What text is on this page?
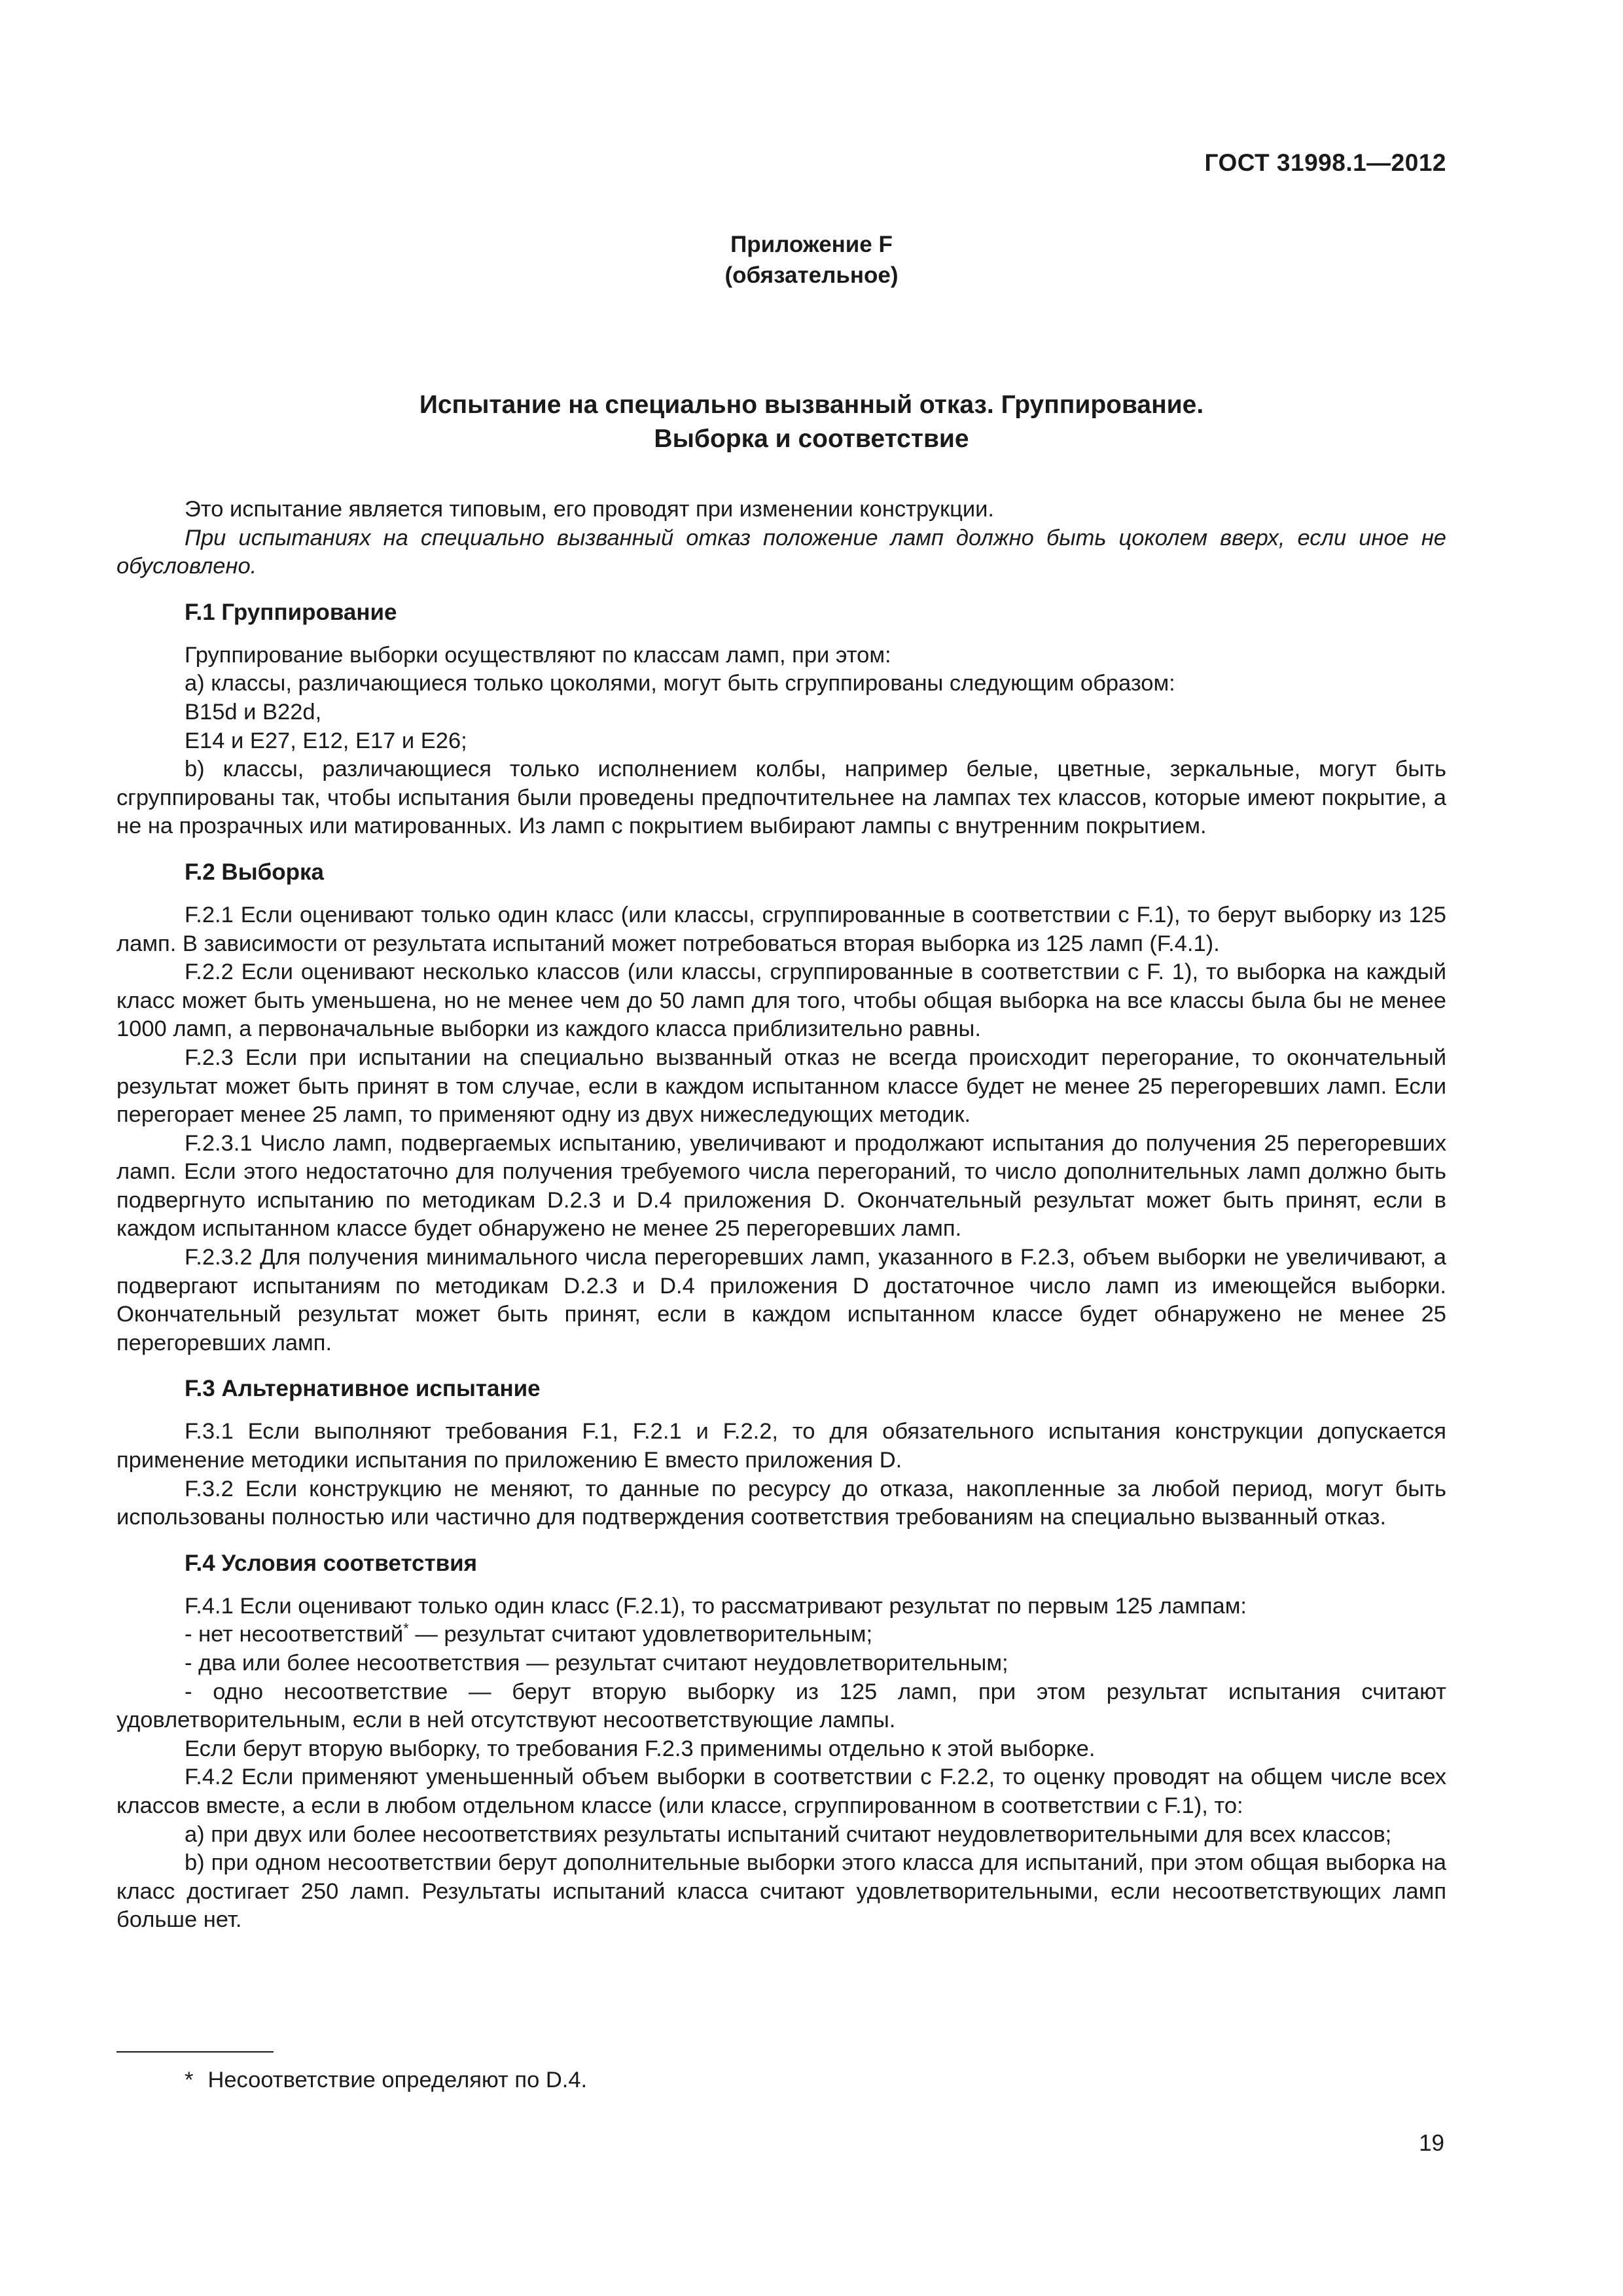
ГОСТ 31998.1—2012
Приложение F
(обязательное)
Испытание на специально вызванный отказ. Группирование.
Выборка и соответствие

Это испытание является типовым, его проводят при изменении конструкции.

При испытаниях на специально вызванный отказ положение ламп должно быть цоколем вверх, если иное не обусловлено.

F.1 Группирование

Группирование выборки осуществляют по классам ламп, при этом:

а) классы, различающиеся только цоколями, могут быть сгруппированы следующим образом:

B15d и B22d,

E14 и E27, E12, E17 и E26;

b) классы, различающиеся только исполнением колбы, например белые, цветные, зеркальные, могут быть сгруппированы так, чтобы испытания были проведены предпочтительнее на лампах тех классов, которые имеют покрытие, а не на прозрачных или матированных. Из ламп с покрытием выбирают лампы с внутренним покрытием.

F.2 Выборка

F.2.1 Если оценивают только один класс (или классы, сгруппированные в соответствии с F.1), то берут выборку из 125 ламп. В зависимости от результата испытаний может потребоваться вторая выборка из 125 ламп (F.4.1).

F.2.2 Если оценивают несколько классов (или классы, сгруппированные в соответствии с F. 1), то выборка на каждый класс может быть уменьшена, но не менее чем до 50 ламп для того, чтобы общая выборка на все классы была бы не менее 1000 ламп, а первоначальные выборки из каждого класса приблизительно равны.

F.2.3 Если при испытании на специально вызванный отказ не всегда происходит перегорание, то окончательный результат может быть принят в том случае, если в каждом испытанном классе будет не менее 25 перегоревших ламп. Если перегорает менее 25 ламп, то применяют одну из двух нижеследующих методик.

F.2.3.1 Число ламп, подвергаемых испытанию, увеличивают и продолжают испытания до получения 25 перегоревших ламп. Если этого недостаточно для получения требуемого числа перегораний, то число дополнительных ламп должно быть подвергнуто испытанию по методикам D.2.3 и D.4 приложения D. Окончательный результат может быть принят, если в каждом испытанном классе будет обнаружено не менее 25 перегоревших ламп.

F.2.3.2 Для получения минимального числа перегоревших ламп, указанного в F.2.3, объем выборки не увеличивают, а подвергают испытаниям по методикам D.2.3 и D.4 приложения D достаточное число ламп из имеющейся выборки. Окончательный результат может быть принят, если в каждом испытанном классе будет обнаружено не менее 25 перегоревших ламп.

F.3 Альтернативное испытание

F.3.1 Если выполняют требования F.1, F.2.1 и F.2.2, то для обязательного испытания конструкции допускается применение методики испытания по приложению E вместо приложения D.

F.3.2 Если конструкцию не меняют, то данные по ресурсу до отказа, накопленные за любой период, могут быть использованы полностью или частично для подтверждения соответствия требованиям на специально вызванный отказ.

F.4 Условия соответствия

F.4.1 Если оценивают только один класс (F.2.1), то рассматривают результат по первым 125 лампам:

- нет несоответствий* — результат считают удовлетворительным;

- два или более несоответствия — результат считают неудовлетворительным;

- одно несоответствие — берут вторую выборку из 125 ламп, при этом результат испытания считают удовлетворительным, если в ней отсутствуют несоответствующие лампы.

Если берут вторую выборку, то требования F.2.3 применимы отдельно к этой выборке.

F.4.2 Если применяют уменьшенный объем выборки в соответствии с F.2.2, то оценку проводят на общем числе всех классов вместе, а если в любом отдельном классе (или классе, сгруппированном в соответствии с F.1), то:

а) при двух или более несоответствиях результаты испытаний считают неудовлетворительными для всех классов;

b) при одном несоответствии берут дополнительные выборки этого класса для испытаний, при этом общая выборка на класс достигает 250 ламп. Результаты испытаний класса считают удовлетворительными, если несоответствующих ламп больше нет.

* Несоответствие определяют по D.4.
19
